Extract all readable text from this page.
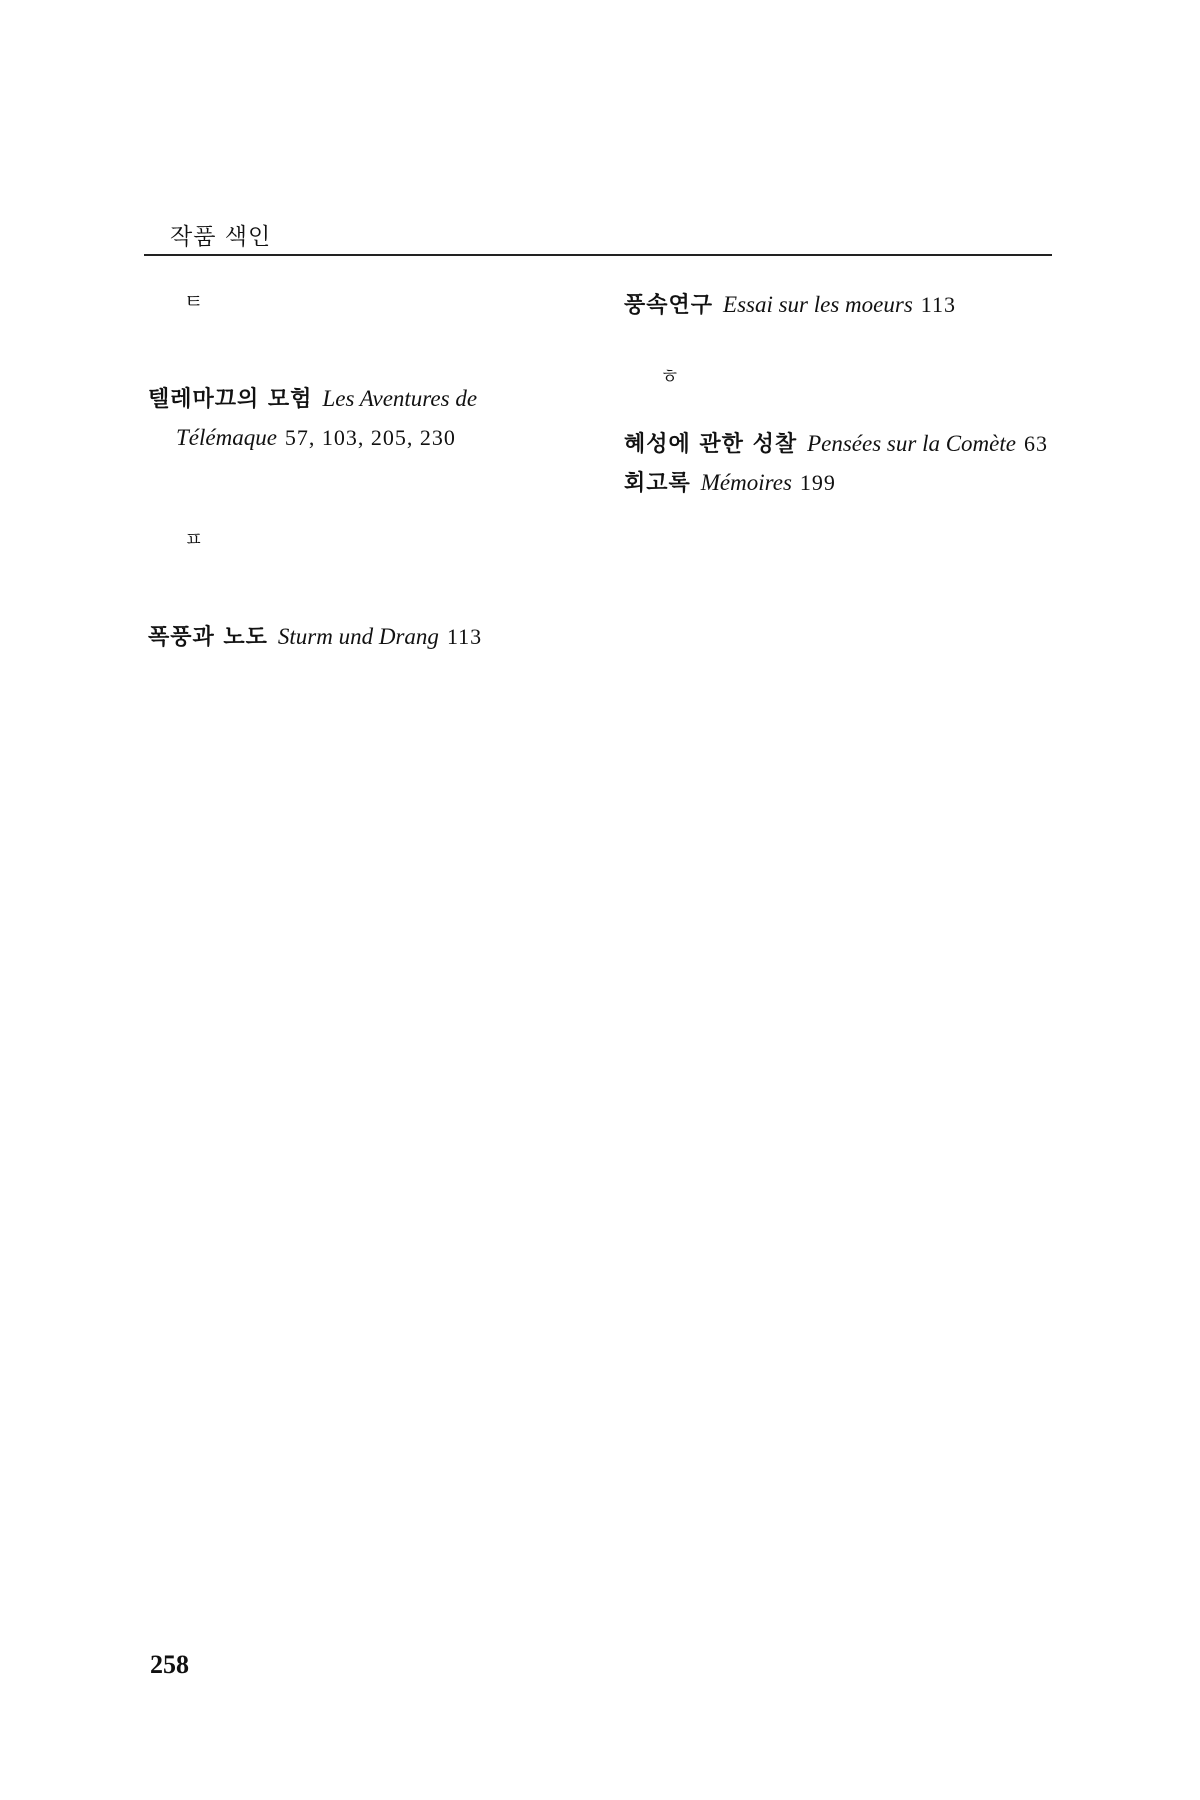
작품 색인
ㅌ
텔레마끄의 모험 Les Aventures de Télémaque 57, 103, 205, 230
ㅍ
폭풍과 노도 Sturm und Drang 113
풍속연구 Essai sur les moeurs 113
ㅎ
혜성에 관한 성찰 Pensées sur la Comète 63
회고록 Mémoires 199
258
